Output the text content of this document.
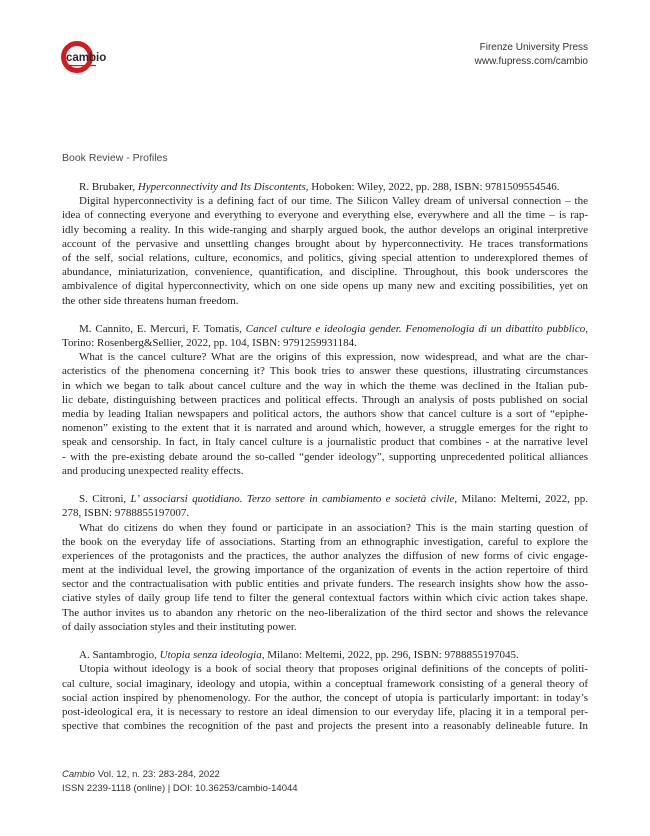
cambio
Firenze University Press
www.fupress.com/cambio
Book Review - Profiles
R. Brubaker, Hyperconnectivity and Its Discontents, Hoboken: Wiley, 2022, pp. 288, ISBN: 9781509554546.
Digital hyperconnectivity is a defining fact of our time. The Silicon Valley dream of universal connection – the
idea of connecting everyone and everything to everyone and everything else, everywhere and all the time – is rap-
idly becoming a reality. In this wide-ranging and sharply argued book, the author develops an original interpretive
account of the pervasive and unsettling changes brought about by hyperconnectivity. He traces transformations
of the self, social relations, culture, economics, and politics, giving special attention to underexplored themes of
abundance, miniaturization, convenience, quantification, and discipline. Throughout, this book underscores the
ambivalence of digital hyperconnectivity, which on one side opens up many new and exciting possibilities, yet on
the other side threatens human freedom.
M. Cannito, E. Mercuri, F. Tomatis, Cancel culture e ideologia gender. Fenomenologia di un dibattito pubblico,
Torino: Rosenberg&Sellier, 2022, pp. 104, ISBN: 9791259931184.
What is the cancel culture? What are the origins of this expression, now widespread, and what are the char-
acteristics of the phenomena concerning it? This book tries to answer these questions, illustrating circumstances
in which we began to talk about cancel culture and the way in which the theme was declined in the Italian pub-
lic debate, distinguishing between practices and political effects. Through an analysis of posts published on social
media by leading Italian newspapers and political actors, the authors show that cancel culture is a sort of “epiphe-
nomenon” existing to the extent that it is narrated and around which, however, a struggle emerges for the right to
speak and censorship. In fact, in Italy cancel culture is a journalistic product that combines - at the narrative level
- with the pre-existing debate around the so-called “gender ideology”, supporting unprecedented political alliances
and producing unexpected reality effects.
S. Citroni, L’ associarsi quotidiano. Terzo settore in cambiamento e società civile, Milano: Meltemi, 2022, pp.
278, ISBN: 9788855197007.
What do citizens do when they found or participate in an association? This is the main starting question of
the book on the everyday life of associations. Starting from an ethnographic investigation, careful to explore the
experiences of the protagonists and the practices, the author analyzes the diffusion of new forms of civic engage-
ment at the individual level, the growing importance of the organization of events in the action repertoire of third
sector and the contractualisation with public entities and private funders. The research insights show how the asso-
ciative styles of daily group life tend to filter the general contextual factors within which civic action takes shape.
The author invites us to abandon any rhetoric on the neo-liberalization of the third sector and shows the relevance
of daily association styles and their instituting power.
A. Santambrogio, Utopia senza ideologia, Milano: Meltemi, 2022, pp. 296, ISBN: 9788855197045.
Utopia without ideology is a book of social theory that proposes original definitions of the concepts of politi-
cal culture, social imaginary, ideology and utopia, within a conceptual framework consisting of a general theory of
social action inspired by phenomenology. For the author, the concept of utopia is particularly important: in today’s
post-ideological era, it is necessary to restore an ideal dimension to our everyday life, placing it in a temporal per-
spective that combines the recognition of the past and projects the present into a reasonably delineable future. In
Cambio Vol. 12, n. 23: 283-284, 2022
ISSN 2239-1118 (online) | DOI: 10.36253/cambio-14044
